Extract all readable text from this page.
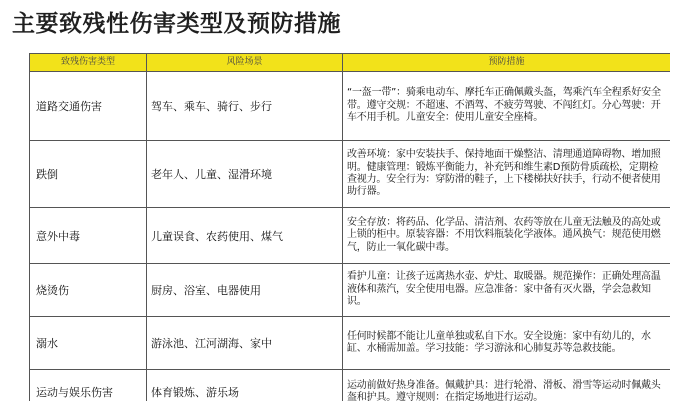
主要致残性伤害类型及预防措施
致残伤害类型	风险场景	预防措施
道路交通伤害	驾车、乘车、骑行、步行	“一盔一带”：骑乘电动车、摩托车正确佩戴头盔，驾乘汽车全程系好安全带。遵守交规：不超速、不酒驾、不疲劳驾驶、不闯红灯。分心驾驶：开车不用手机。儿童安全：使用儿童安全座椅。
跌倒	老年人、儿童、湿滑环境	改善环境：家中安装扶手、保持地面干燥整洁、清理通道障碍物、增加照明。健康管理：锻炼平衡能力，补充钙和维生素D预防骨质疏松，定期检查视力。安全行为：穿防滑的鞋子，上下楼梯扶好扶手，行动不便者使用助行器。
意外中毒	儿童误食、农药使用、煤气	安全存放：将药品、化学品、清洁剂、农药等放在儿童无法触及的高处或上锁的柜中。原装容器：不用饮料瓶装化学液体。通风换气：规范使用燃气，防止一氧化碳中毒。
烧烫伤	厨房、浴室、电器使用	看护儿童：让孩子远离热水壶、炉灶、取暖器。规范操作：正确处理高温液体和蒸汽，安全使用电器。应急准备：家中备有灭火器，学会急救知识。
溺水	游泳池、江河湖海、家中	任何时候都不能让儿童单独或私自下水。安全设施：家中有幼儿的，水缸、水桶需加盖。学习技能：学习游泳和心肺复苏等急救技能。
运动与娱乐伤害	体育锻炼、游乐场	运动前做好热身准备。佩戴护具：进行轮滑、滑板、滑雪等运动时佩戴头盔和护具。遵守规则：在指定场地进行运动。
